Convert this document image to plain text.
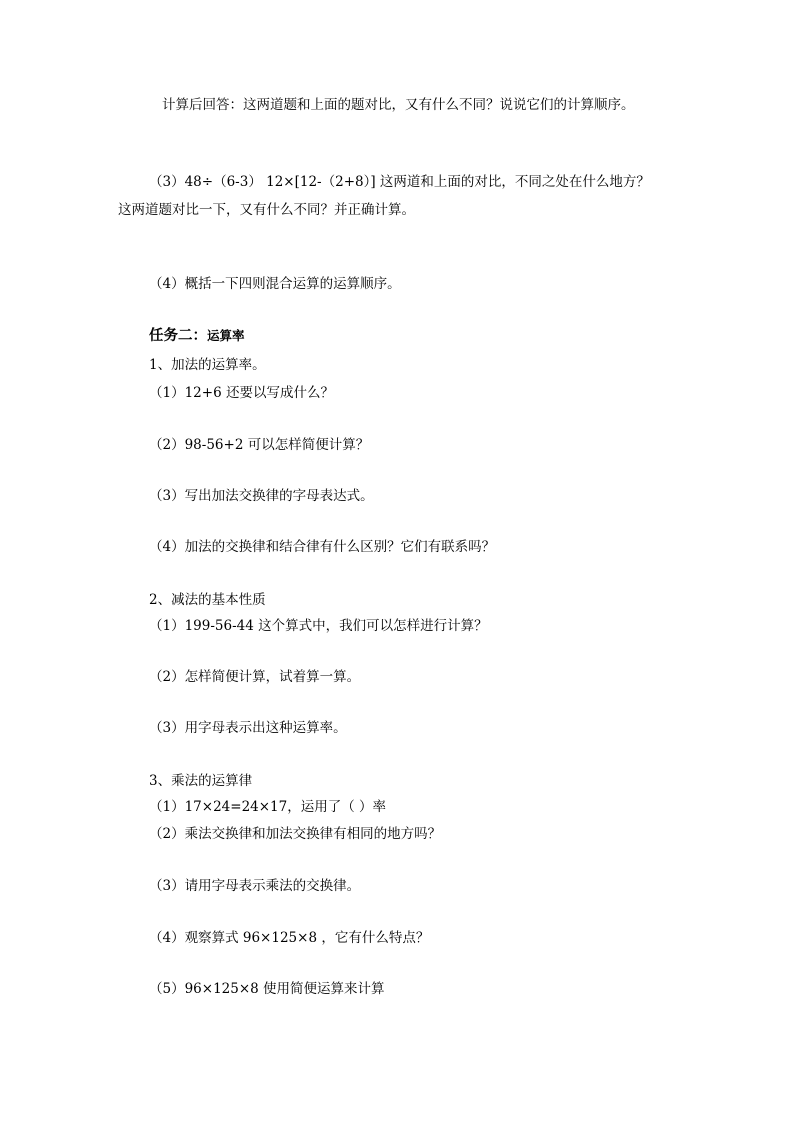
计算后回答：这两道题和上面的题对比，又有什么不同？说说它们的计算顺序。
（3）48÷（6-3） 12×[12-（2+8）] 这两道和上面的对比，不同之处在什么地方？
这两道题对比一下，又有什么不同？并正确计算。
（4）概括一下四则混合运算的运算顺序。
任务二：运算率
1、加法的运算率。
（1）12+6 还要以写成什么？
（2）98-56+2 可以怎样简便计算？
（3）写出加法交换律的字母表达式。
（4）加法的交换律和结合律有什么区别？它们有联系吗？
2、减法的基本性质
（1）199-56-44 这个算式中，我们可以怎样进行计算？
（2）怎样简便计算，试着算一算。
（3）用字母表示出这种运算率。
3、乘法的运算律
（1）17×24=24×17，运用了（ ）率
（2）乘法交换律和加法交换律有相同的地方吗？
（3）请用字母表示乘法的交换律。
（4）观察算式 96×125×8 ，它有什么特点？
（5）96×125×8 使用简便运算来计算
